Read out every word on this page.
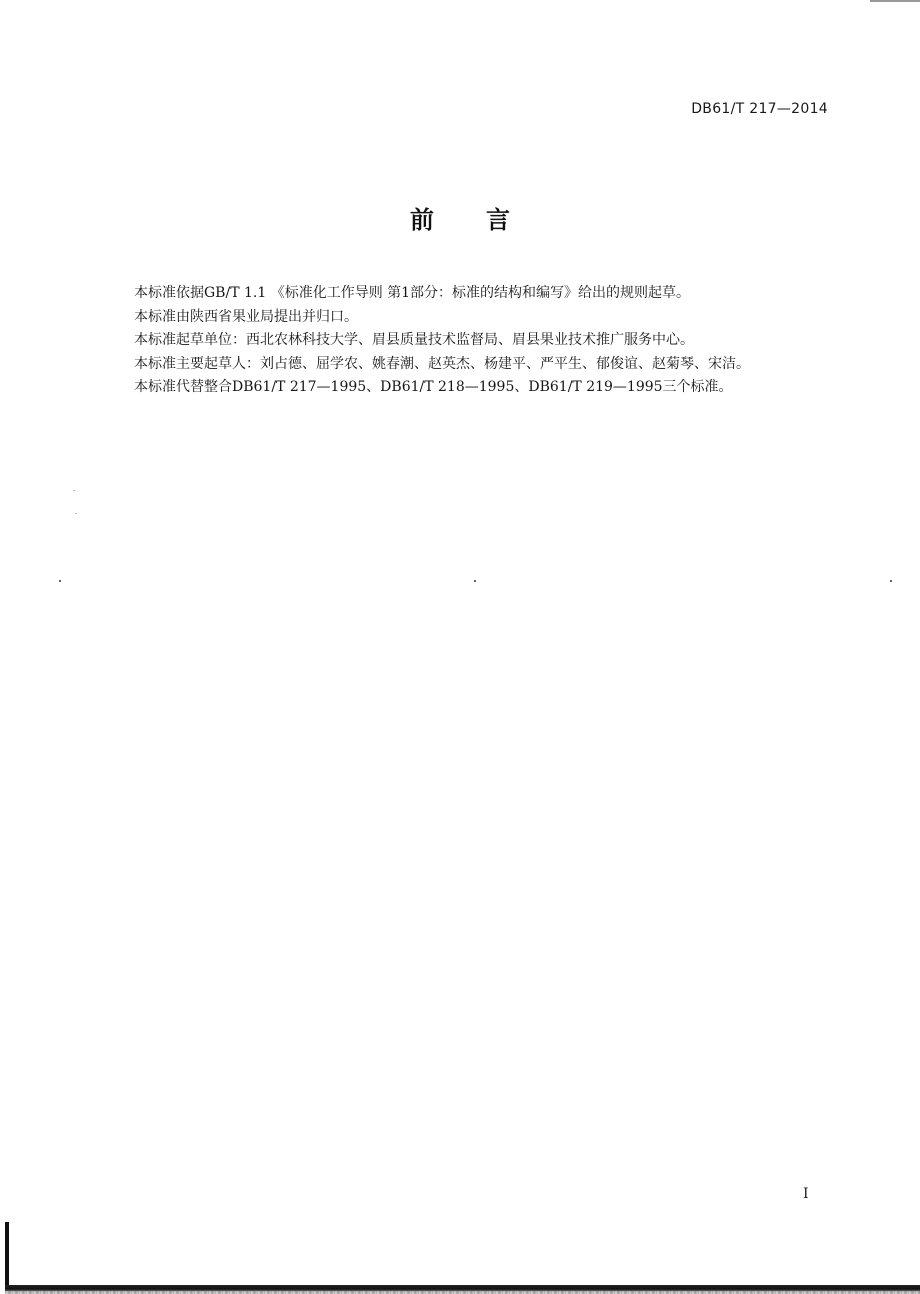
DB61/T 217—2014
前言

本标准依据GB/T 1.1 《标准化工作导则 第1部分：标准的结构和编写》给出的规则起草。

本标准由陕西省果业局提出并归口。

本标准起草单位：西北农林科技大学、眉县质量技术监督局、眉县果业技术推广服务中心。

本标准主要起草人：刘占德、屈学农、姚春潮、赵英杰、杨建平、严平生、郁俊谊、赵菊琴、宋洁。

本标准代替整合DB61/T 217—1995、DB61/T 218—1995、DB61/T 219—1995三个标准。

I
